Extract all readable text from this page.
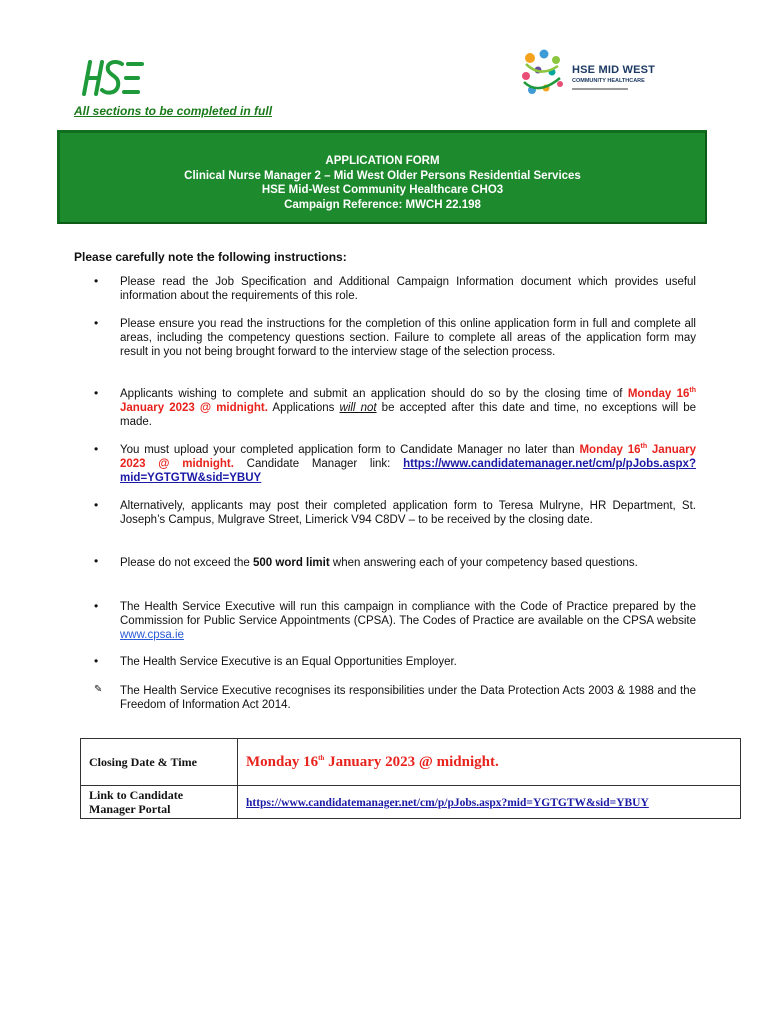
HSE MID WEST
COMMUNITY HEALTHCARE
All sections to be completed in full
APPLICATION FORM
Clinical Nurse Manager 2 – Mid West Older Persons Residential Services
HSE Mid-West Community Healthcare CHO3
Campaign Reference: MWCH 22.198
Please carefully note the following instructions:
• Please read the Job Specification and Additional Campaign Information document which provides useful information about the requirements of this role.
• Please ensure you read the instructions for the completion of this online application form in full and complete all areas, including the competency questions section. Failure to complete all areas of the application form may result in you not being brought forward to the interview stage of the selection process.
• Applicants wishing to complete and submit an application should do so by the closing time of Monday 16th January 2023 @ midnight. Applications will not be accepted after this date and time, no exceptions will be made.
• You must upload your completed application form to Candidate Manager no later than Monday 16th January 2023 @ midnight. Candidate Manager link: https://www.candidatemanager.net/cm/p/pJobs.aspx?mid=YGTGTW&sid=YBUY
• Alternatively, applicants may post their completed application form to Teresa Mulryne, HR Department, St. Joseph’s Campus, Mulgrave Street, Limerick V94 C8DV – to be received by the closing date.
• Please do not exceed the 500 word limit when answering each of your competency based questions.
• The Health Service Executive will run this campaign in compliance with the Code of Practice prepared by the Commission for Public Service Appointments (CPSA). The Codes of Practice are available on the CPSA website www.cpsa.ie
• The Health Service Executive is an Equal Opportunities Employer.
✎ The Health Service Executive recognises its responsibilities under the Data Protection Acts 2003 & 1988 and the Freedom of Information Act 2014.
Closing Date & Time	Monday 16th January 2023 @ midnight.
Link to Candidate Manager Portal	https://www.candidatemanager.net/cm/p/pJobs.aspx?mid=YGTGTW&sid=YBUY
